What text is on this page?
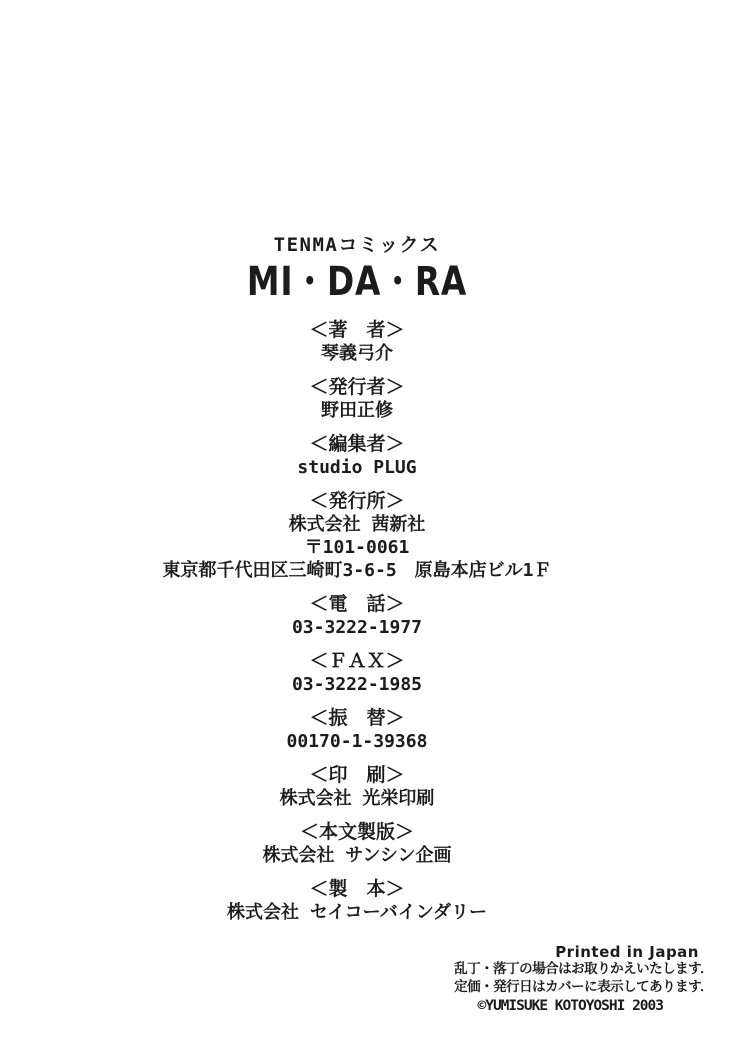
TENMAコミックス
MI・DA・RA
＜著　者＞
琴義弓介
＜発行者＞
野田正修
＜編集者＞
studio PLUG
＜発行所＞
株式会社 茜新社
〒101-0061
東京都千代田区三崎町3-6-5　原島本店ビル1Ｆ
＜電　話＞
03-3222-1977
＜ＦＡＸ＞
03-3222-1985
＜振　替＞
00170-1-39368
＜印　刷＞
株式会社 光栄印刷
＜本文製版＞
株式会社 サンシン企画
＜製　本＞
株式会社 セイコーバインダリー
Printed in Japan
乱丁・落丁の場合はお取りかえいたします．
定価・発行日はカバーに表示してあります．
©YUMISUKE KOTOYOSHI 2003
